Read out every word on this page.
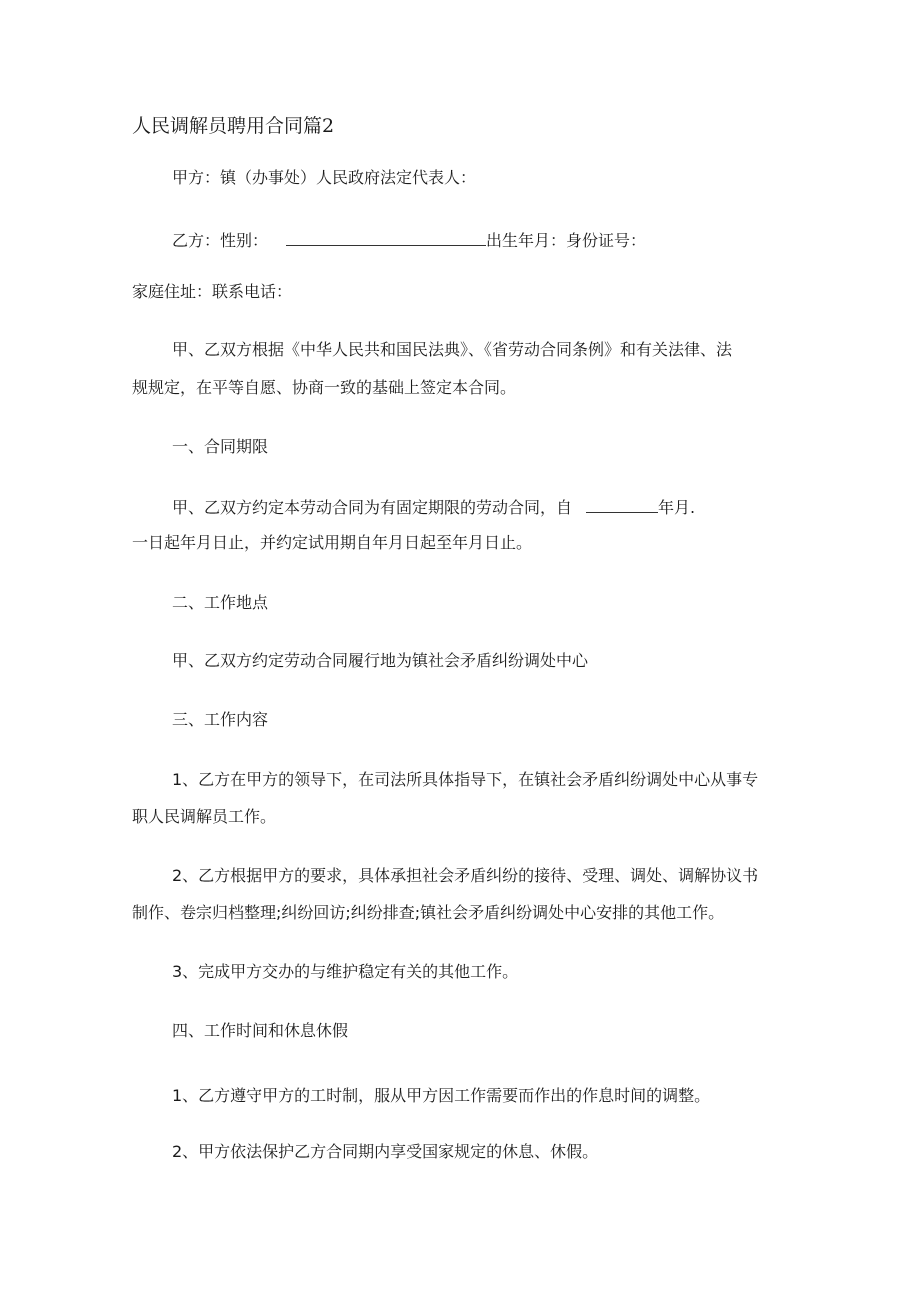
人民调解员聘用合同篇2
甲方：镇（办事处）人民政府法定代表人：
乙方：性别：	出生年月：身份证号：
家庭住址：联系电话：
甲、乙双方根据《中华人民共和国民法典》、《省劳动合同条例》和有关法律、法
规规定，在平等自愿、协商一致的基础上签定本合同。
一、合同期限
甲、乙双方约定本劳动合同为有固定期限的劳动合同，自	年月.
一日起年月日止，并约定试用期自年月日起至年月日止。
二、工作地点
甲、乙双方约定劳动合同履行地为镇社会矛盾纠纷调处中心
三、工作内容
1、乙方在甲方的领导下，在司法所具体指导下，在镇社会矛盾纠纷调处中心从事专
职人民调解员工作。
2、乙方根据甲方的要求，具体承担社会矛盾纠纷的接待、受理、调处、调解协议书
制作、卷宗归档整理;纠纷回访;纠纷排查;镇社会矛盾纠纷调处中心安排的其他工作。
3、完成甲方交办的与维护稳定有关的其他工作。
四、工作时间和休息休假
1、乙方遵守甲方的工时制，服从甲方因工作需要而作出的作息时间的调整。
2、甲方依法保护乙方合同期内享受国家规定的休息、休假。
